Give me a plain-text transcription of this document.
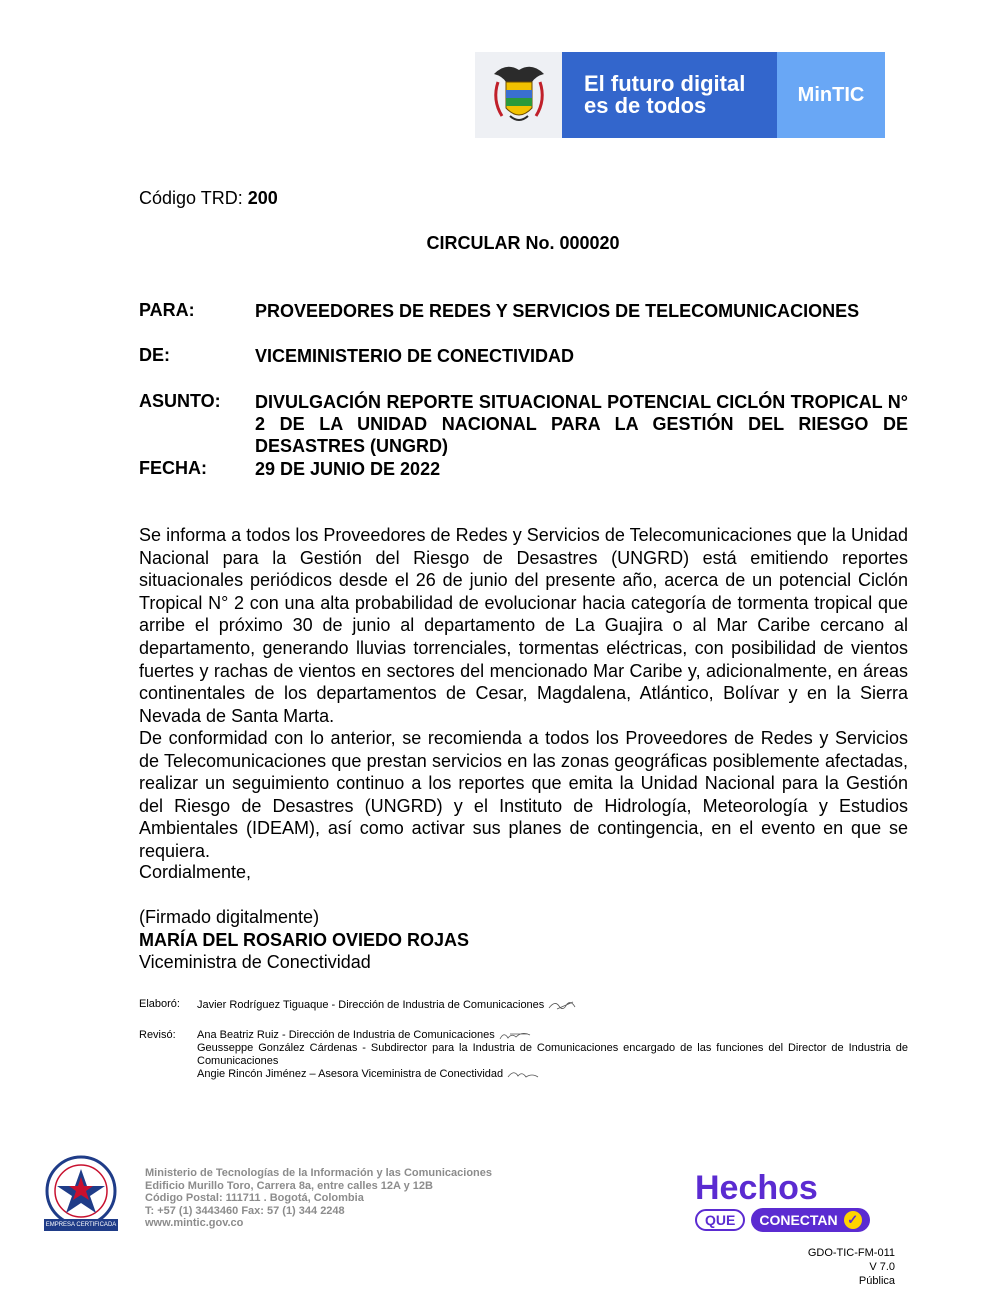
El futuro digital
es de todos	MinTIC
Código TRD: 200
CIRCULAR No. 000020
PARA:	PROVEEDORES DE REDES Y SERVICIOS DE TELECOMUNICACIONES
DE:	VICEMINISTERIO DE CONECTIVIDAD
ASUNTO: DIVULGACIÓN REPORTE SITUACIONAL POTENCIAL CICLÓN TROPICAL N° 2 DE LA UNIDAD NACIONAL PARA LA GESTIÓN DEL RIESGO DE DESASTRES (UNGRD)
FECHA:	29 DE JUNIO DE 2022
Se informa a todos los Proveedores de Redes y Servicios de Telecomunicaciones que la Unidad Nacional para la Gestión del Riesgo de Desastres (UNGRD) está emitiendo reportes situacionales periódicos desde el 26 de junio del presente año, acerca de un potencial Ciclón Tropical N° 2 con una alta probabilidad de evolucionar hacia categoría de tormenta tropical que arribe el próximo 30 de junio al departamento de La Guajira o al Mar Caribe cercano al departamento, generando lluvias torrenciales, tormentas eléctricas, con posibilidad de vientos fuertes y rachas de vientos en sectores del mencionado Mar Caribe y, adicionalmente, en áreas continentales de los departamentos de Cesar, Magdalena, Atlántico, Bolívar y en la Sierra Nevada de Santa Marta.
De conformidad con lo anterior, se recomienda a todos los Proveedores de Redes y Servicios de Telecomunicaciones que prestan servicios en las zonas geográficas posiblemente afectadas, realizar un seguimiento continuo a los reportes que emita la Unidad Nacional para la Gestión del Riesgo de Desastres (UNGRD) y el Instituto de Hidrología, Meteorología y Estudios Ambientales (IDEAM), así como activar sus planes de contingencia, en el evento en que se requiera.
Cordialmente,
(Firmado digitalmente)
MARÍA DEL ROSARIO OVIEDO ROJAS
Viceministra de Conectividad
Elaboró: Javier Rodríguez Tiguaque - Dirección de Industria de Comunicaciones
Revisó: Ana Beatriz Ruiz - Dirección de Industria de Comunicaciones
Geusseppe González Cárdenas - Subdirector para la Industria de Comunicaciones encargado de las funciones del Director de Industria de Comunicaciones
Angie Rincón Jiménez – Asesora Viceministra de Conectividad
EMPRESA CERTIFICADA
Ministerio de Tecnologías de la Información y las Comunicaciones
Edificio Murillo Toro, Carrera 8a, entre calles 12A y 12B
Código Postal: 111711 . Bogotá, Colombia
T: +57 (1) 3443460 Fax: 57 (1) 344 2248
www.mintic.gov.co
Hechos
QUE	CONECTAN ✓
GDO-TIC-FM-011
V 7.0
Pública
